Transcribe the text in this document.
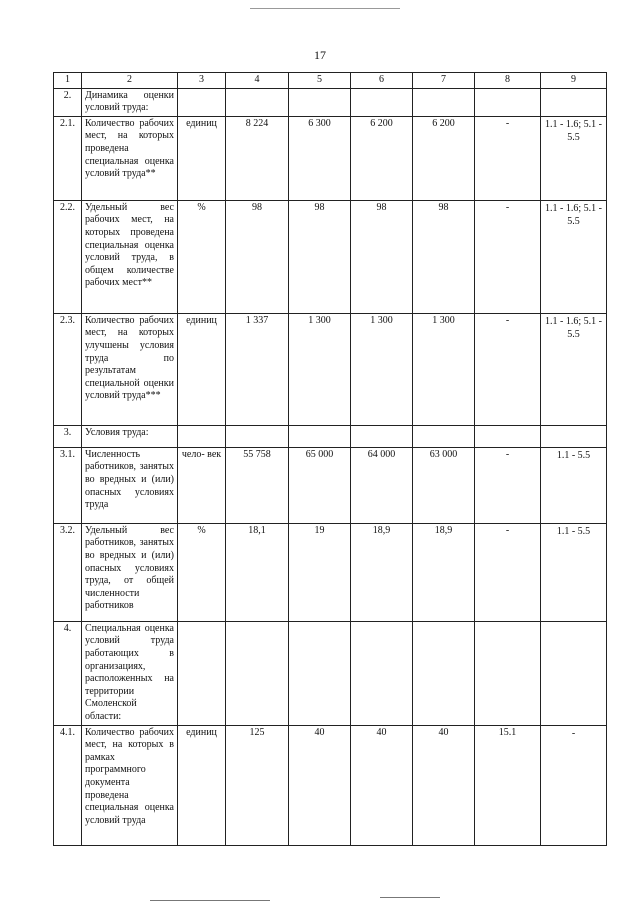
17
1	2	3	4	5	6	7	8	9
2.	Динамика оценки условий труда:							
2.1.	Количество рабочих мест, на которых проведена специальная оценка условий труда**	единиц	8 224	6 300	6 200	6 200	-	1.1 - 1.6; 5.1 - 5.5
2.2.	Удельный вес рабочих мест, на которых проведена специальная оценка условий труда, в общем количестве рабочих мест**	%	98	98	98	98	-	1.1 - 1.6; 5.1 - 5.5
2.3.	Количество рабочих мест, на которых улучшены условия труда по результатам специальной оценки условий труда***	единиц	1 337	1 300	1 300	1 300	-	1.1 - 1.6; 5.1 - 5.5
3.	Условия труда:							
3.1.	Численность работников, занятых во вредных и (или) опасных условиях труда	чело- век	55 758	65 000	64 000	63 000	-	1.1 - 5.5
3.2.	Удельный вес работников, занятых во вредных и (или) опасных условиях труда, от общей численности работников	%	18,1	19	18,9	18,9	-	1.1 - 5.5
4.	Специальная оценка условий труда работающих в организациях, расположенных на территории Смоленской области:							
4.1.	Количество рабочих мест, на которых в рамках программного документа проведена специальная оценка условий труда	единиц	125	40	40	40	15.1	-
